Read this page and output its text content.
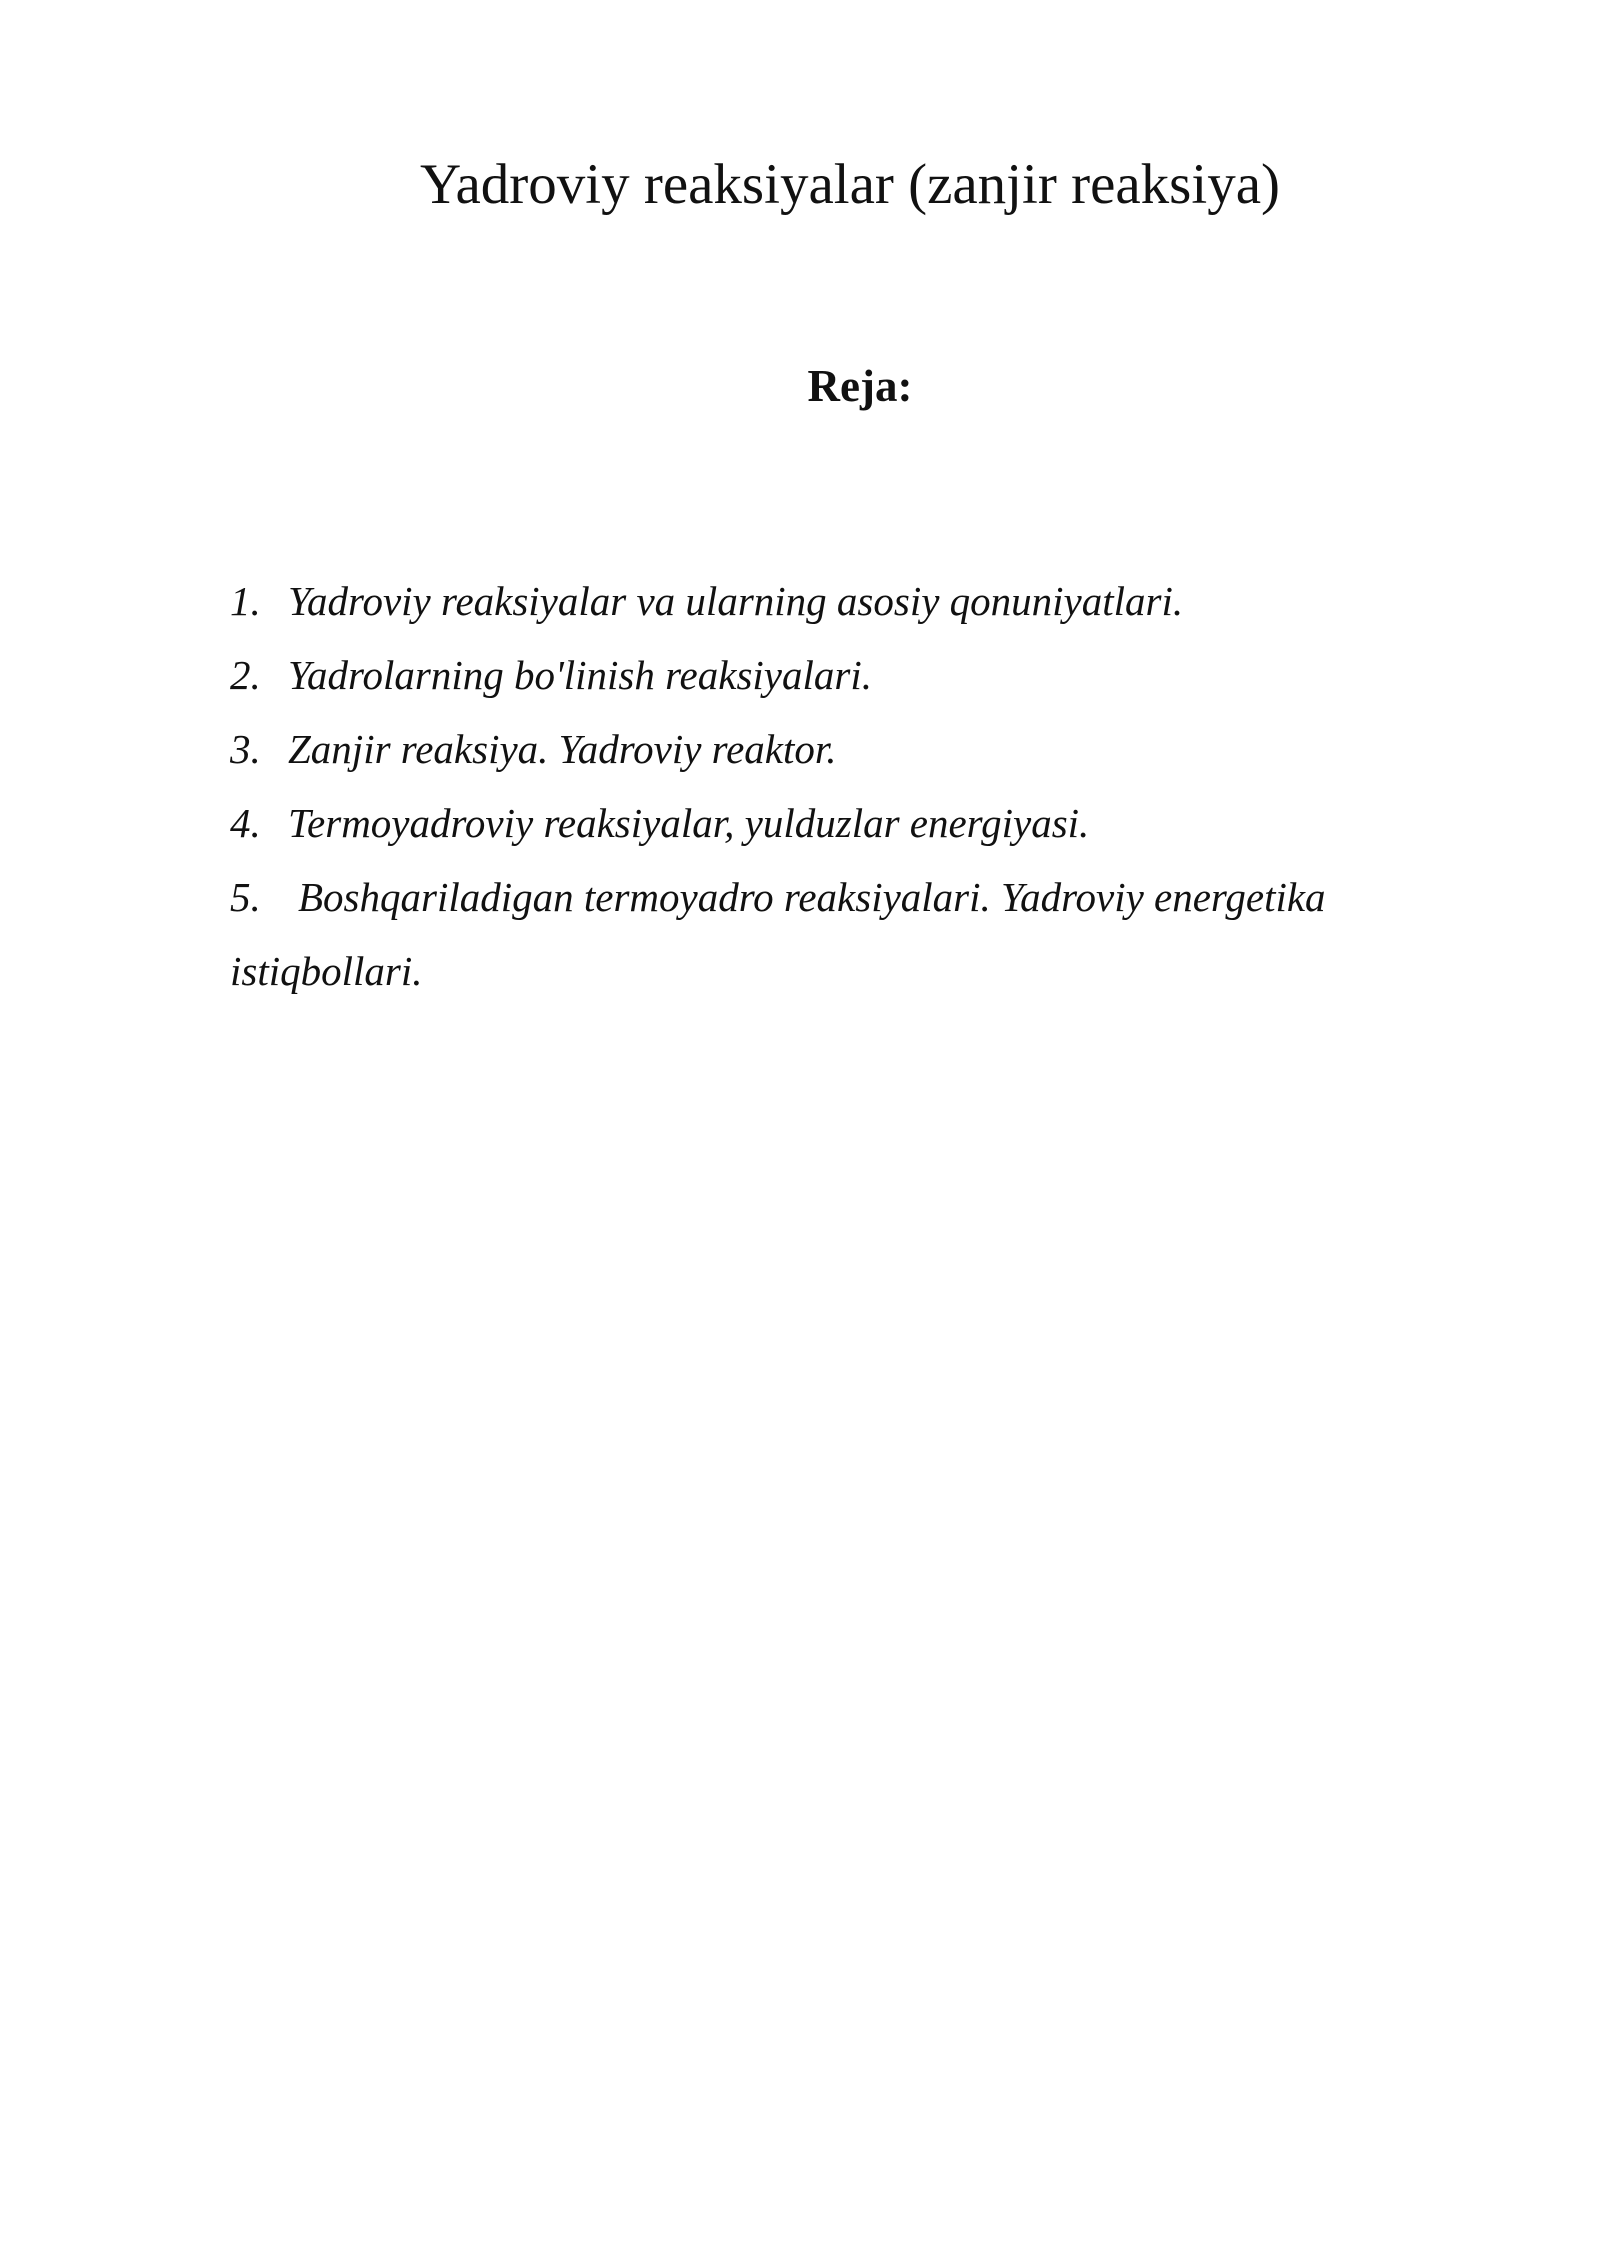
Yadroviy reaksiyalar (zanjir reaksiya)
Reja:
1. Yadroviy reaksiyalar va ularning asosiy qonuniyatlari.
2. Yadrolarning bo'linish reaksiyalari.
3. Zanjir reaksiya. Yadroviy reaktor.
4. Termoyadroviy reaksiyalar, yulduzlar energiyasi.
5. Boshqariladigan termoyadro reaksiyalari. Yadroviy energetika istiqbollari.
